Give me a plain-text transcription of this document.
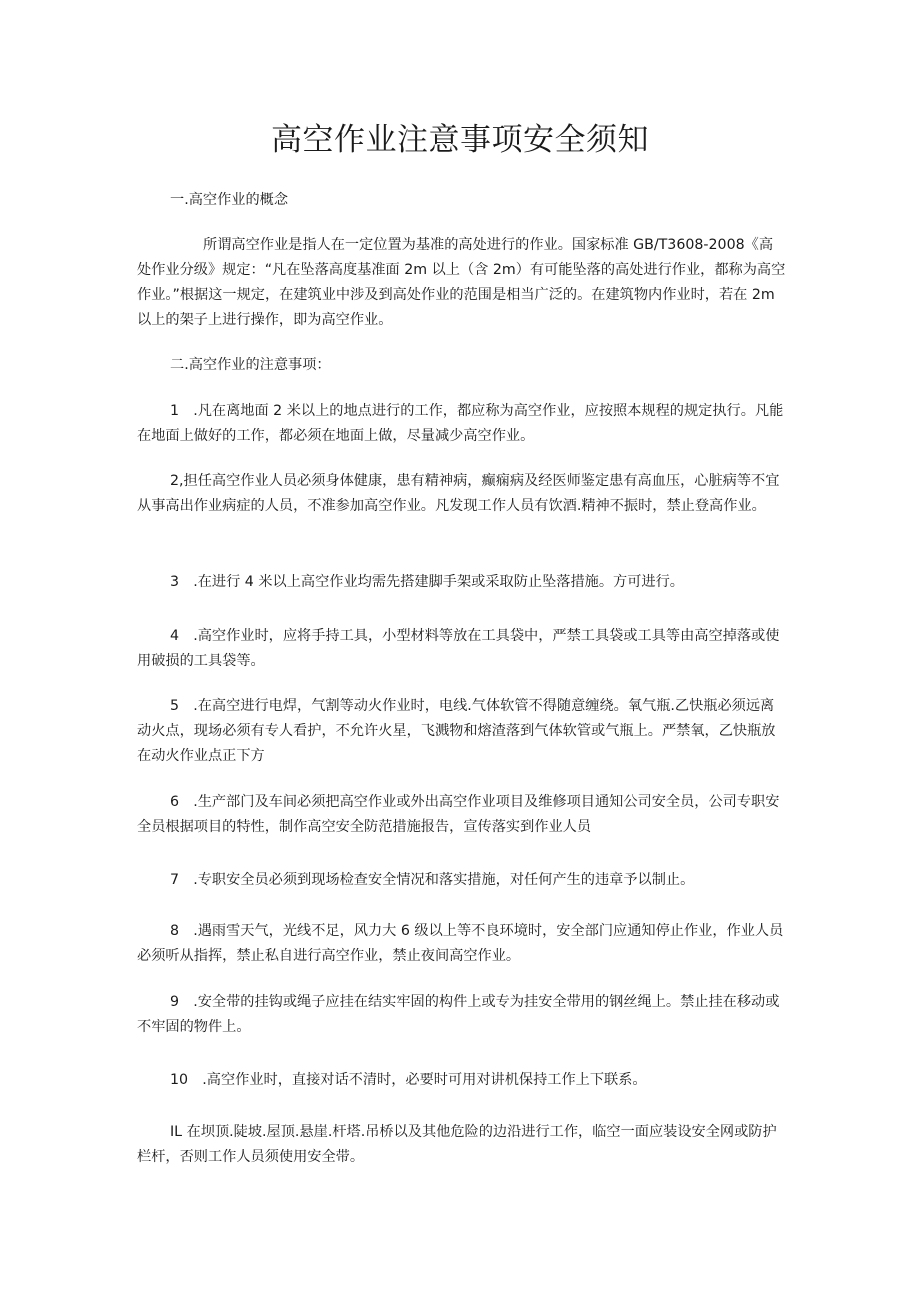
高空作业注意事项安全须知

一.高空作业的概念

所谓高空作业是指人在一定位置为基准的高处进行的作业。国家标准 GB/T3608-2008《高处作业分级》规定：“凡在坠落高度基准面 2m 以上（含 2m）有可能坠落的高处进行作业，都称为高空作业。”根据这一规定，在建筑业中涉及到高处作业的范围是相当广泛的。在建筑物内作业时，若在 2m 以上的架子上进行操作，即为高空作业。

二.高空作业的注意事项：

1　.凡在离地面 2 米以上的地点进行的工作，都应称为高空作业，应按照本规程的规定执行。凡能在地面上做好的工作，都必须在地面上做，尽量减少高空作业。

2,担任高空作业人员必须身体健康，患有精神病，癫痫病及经医师鉴定患有高血压，心脏病等不宜从事高出作业病症的人员，不准参加高空作业。凡发现工作人员有饮酒.精神不振时，禁止登高作业。

3　.在进行 4 米以上高空作业均需先搭建脚手架或采取防止坠落措施。方可进行。

4　.高空作业时，应将手持工具，小型材料等放在工具袋中，严禁工具袋或工具等由高空掉落或使用破损的工具袋等。

5　.在高空进行电焊，气割等动火作业时，电线.气体软管不得随意缠绕。氧气瓶.乙快瓶必须远离动火点，现场必须有专人看护，不允许火星，飞溅物和熔渣落到气体软管或气瓶上。严禁氧，乙快瓶放在动火作业点正下方

6　.生产部门及车间必须把高空作业或外出高空作业项目及维修项目通知公司安全员，公司专职安全员根据项目的特性，制作高空安全防范措施报告，宣传落实到作业人员

7　.专职安全员必须到现场检查安全情况和落实措施，对任何产生的违章予以制止。

8　.遇雨雪天气，光线不足，风力大 6 级以上等不良环境时，安全部门应通知停止作业，作业人员必须听从指挥，禁止私自进行高空作业，禁止夜间高空作业。

9　.安全带的挂钩或绳子应挂在结实牢固的构件上或专为挂安全带用的钢丝绳上。禁止挂在移动或不牢固的物件上。

10　.高空作业时，直接对话不清时，必要时可用对讲机保持工作上下联系。

IL 在坝顶.陡坡.屋顶.悬崖.杆塔.吊桥以及其他危险的边沿进行工作，临空一面应装设安全网或防护栏杆，否则工作人员须使用安全带。
